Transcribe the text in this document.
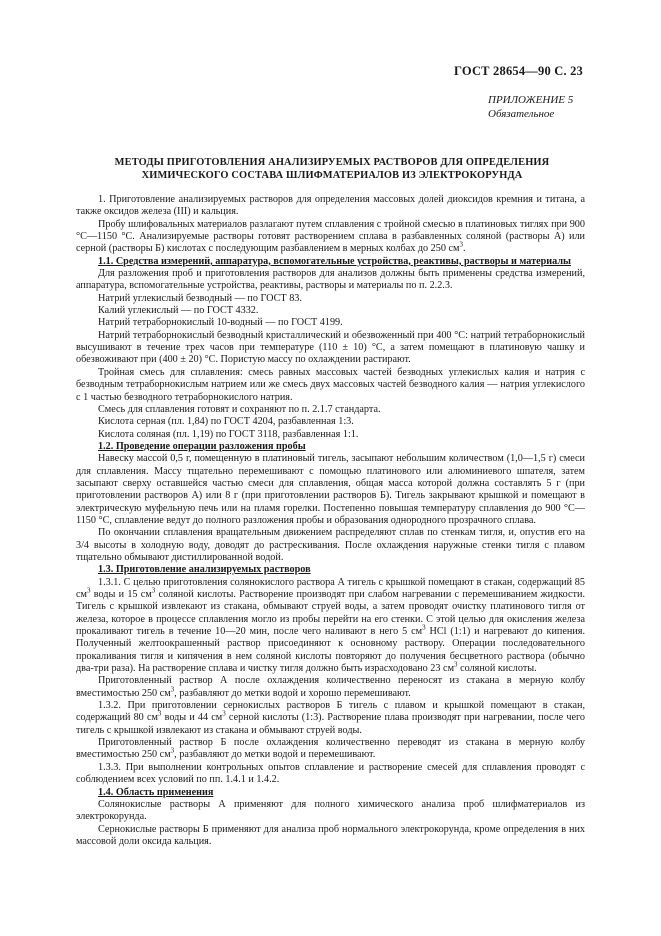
ГОСТ 28654—90 С. 23
ПРИЛОЖЕНИЕ 5
Обязательное
МЕТОДЫ ПРИГОТОВЛЕНИЯ АНАЛИЗИРУЕМЫХ РАСТВОРОВ ДЛЯ ОПРЕДЕЛЕНИЯ
ХИМИЧЕСКОГО СОСТАВА ШЛИФМАТЕРИАЛОВ ИЗ ЭЛЕКТРОКОРУНДА

1. Приготовление анализируемых растворов для определения массовых долей диоксидов кремния и титана, а также оксидов железа (III) и кальция.

Пробу шлифовальных материалов разлагают путем сплавления с тройной смесью в платиновых тиглях при 900 °C—1150 °C. Анализируемые растворы готовят растворением сплава в разбавленных соляной (растворы А) или серной (растворы Б) кислотах с последующим разбавлением в мерных колбах до 250 $см^3$.

1.1. Средства измерений, аппаратура, вспомогательные устройства, реактивы, растворы и материалы

Для разложения проб и приготовления растворов для анализов должны быть применены средства измерений, аппаратура, вспомогательные устройства, реактивы, растворы и материалы по п. 2.2.3.

Натрий углекислый безводный — по ГОСТ 83.

Калий углекислый — по ГОСТ 4332.

Натрий тетраборнокислый 10-водный — по ГОСТ 4199.

Натрий тетраборнокислый безводный кристаллический и обезвоженный при 400 °C: натрий тетраборнокислый высушивают в течение трех часов при температуре (110 ± 10) °C, а затем помещают в платиновую чашку и обезвоживают при (400 ± 20) °C. Пористую массу по охлаждении растирают.

Тройная смесь для сплавления: смесь равных массовых частей безводных углекислых калия и натрия с безводным тетраборнокислым натрием или же смесь двух массовых частей безводного калия — натрия углекислого с 1 частью безводного тетраборнокислого натрия.

Смесь для сплавления готовят и сохраняют по п. 2.1.7 стандарта.

Кислота серная (пл. 1,84) по ГОСТ 4204, разбавленная 1:3.

Кислота соляная (пл. 1,19) по ГОСТ 3118, разбавленная 1:1.

1.2. Проведение операции разложения пробы

Навеску массой 0,5 г, помещенную в платиновый тигель, засыпают небольшим количеством (1,0—1,5 г) смеси для сплавления. Массу тщательно перемешивают с помощью платинового или алюминиевого шпателя, затем засыпают сверху оставшейся частью смеси для сплавления, общая масса которой должна составлять 5 г (при приготовлении растворов А) или 8 г (при приготовлении растворов Б). Тигель закрывают крышкой и помещают в электрическую муфельную печь или на пламя горелки. Постепенно повышая температуру сплавления до 900 °C—1150 °C, сплавление ведут до полного разложения пробы и образования однородного прозрачного сплава.

По окончании сплавления вращательным движением распределяют сплав по стенкам тигля, и, опустив его на 3/4 высоты в холодную воду, доводят до растрескивания. После охлаждения наружные стенки тигля с плавом тщательно обмывают дистиллированной водой.

1.3. Приготовление анализируемых растворов

1.3.1. С целью приготовления солянокислого раствора А тигель с крышкой помещают в стакан, содержащий 85 $см^3$ воды и 15 $см^3$ соляной кислоты. Растворение производят при слабом нагревании с перемешиванием жидкости. Тигель с крышкой извлекают из стакана, обмывают струей воды, а затем проводят очистку платинового тигля от железа, которое в процессе сплавления могло из пробы перейти на его стенки. С этой целью для окисления железа прокаливают тигель в течение 10—20 мин, после чего наливают в него 5 $см^3$ HCl (1:1) и нагревают до кипения. Полученный желтоокрашенный раствор присоединяют к основному раствору. Операции последовательного прокаливания тигля и кипячения в нем соляной кислоты повторяют до получения бесцветного раствора (обычно два-три раза). На растворение сплава и чистку тигля должно быть израсходовано 23 $см^3$ соляной кислоты.

Приготовленный раствор А после охлаждения количественно переносят из стакана в мерную колбу вместимостью 250 $см^3$, разбавляют до метки водой и хорошо перемешивают.

1.3.2. При приготовлении сернокислых растворов Б тигель с плавом и крышкой помещают в стакан, содержащий 80 $см^3$ воды и 44 $см^3$ серной кислоты (1:3). Растворение плава производят при нагревании, после чего тигель с крышкой извлекают из стакана и обмывают струей воды.

Приготовленный раствор Б после охлаждения количественно переводят из стакана в мерную колбу вместимостью 250 $см^3$, разбавляют до метки водой и перемешивают.

1.3.3. При выполнении контрольных опытов сплавление и растворение смесей для сплавления проводят с соблюдением всех условий по пп. 1.4.1 и 1.4.2.

1.4. Область применения

Солянокислые растворы А применяют для полного химического анализа проб шлифматериалов из электрокорунда.

Сернокислые растворы Б применяют для анализа проб нормального электрокорунда, кроме определения в них массовой доли оксида кальция.
